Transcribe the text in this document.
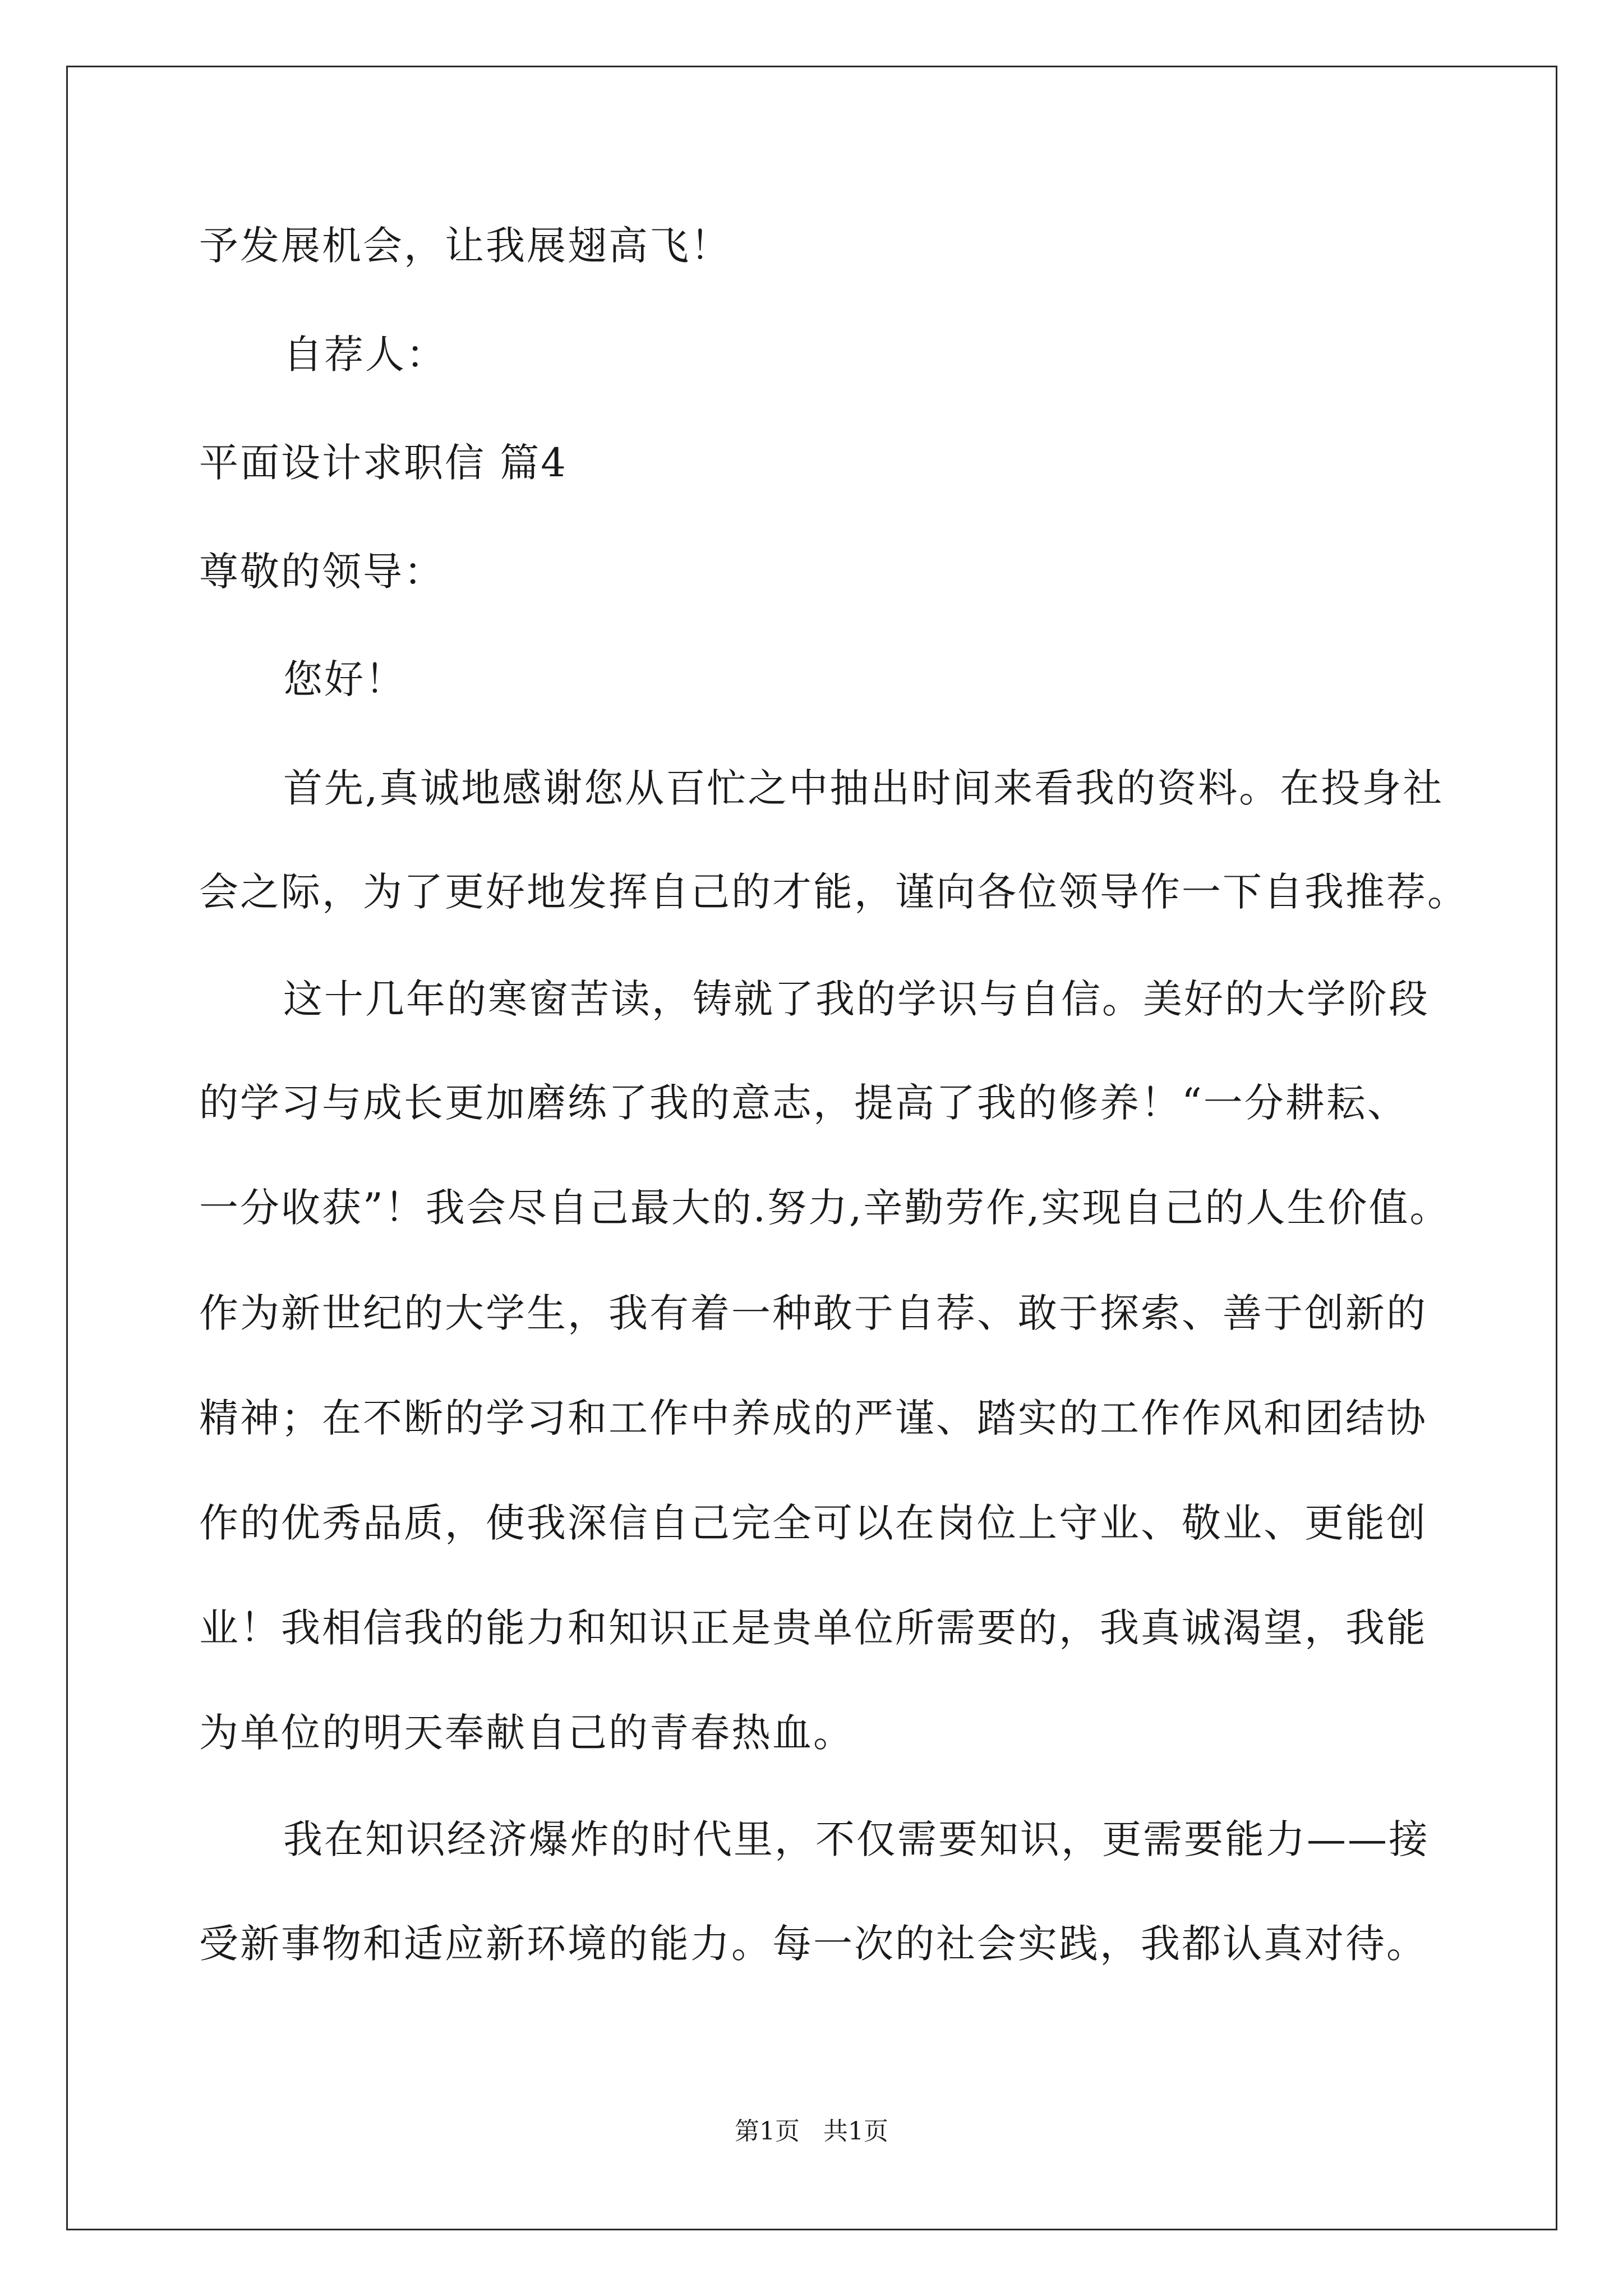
予发展机会，让我展翅高飞！
自荐人：
平面设计求职信 篇4
尊敬的领导：
您好！
首先,真诚地感谢您从百忙之中抽出时间来看我的资料。在投身社
会之际，为了更好地发挥自己的才能，谨向各位领导作一下自我推荐。
这十几年的寒窗苦读，铸就了我的学识与自信。美好的大学阶段
的学习与成长更加磨练了我的意志，提高了我的修养！“一分耕耘、
一分收获”！我会尽自己最大的.努力,辛勤劳作,实现自己的人生价值。
作为新世纪的大学生，我有着一种敢于自荐、敢于探索、善于创新的
精神；在不断的学习和工作中养成的严谨、踏实的工作作风和团结协
作的优秀品质，使我深信自己完全可以在岗位上守业、敬业、更能创
业！我相信我的能力和知识正是贵单位所需要的，我真诚渴望，我能
为单位的明天奉献自己的青春热血。
我在知识经济爆炸的时代里，不仅需要知识，更需要能力——接
受新事物和适应新环境的能力。每一次的社会实践，我都认真对待。
第1页 共1页
